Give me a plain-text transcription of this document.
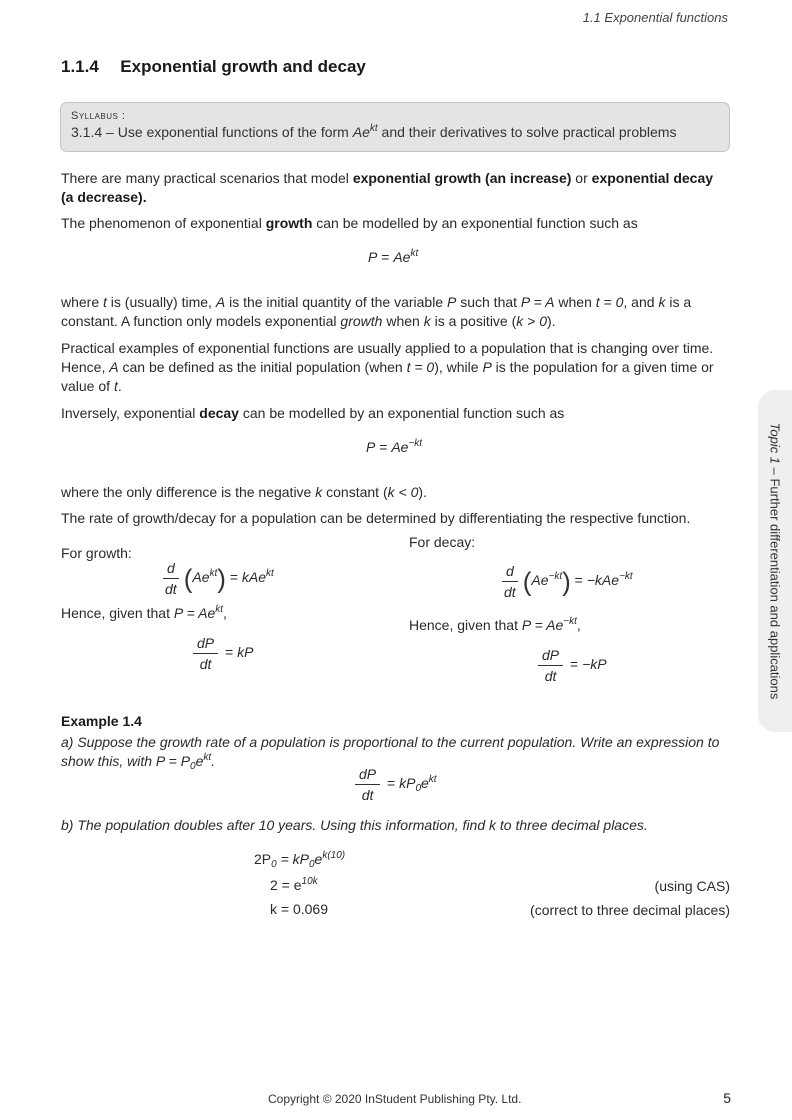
1.1 Exponential functions
1.1.4 Exponential growth and decay
Syllabus :
3.1.4 – Use exponential functions of the form $Ae^{kt}$ and their derivatives to solve practical problems
There are many practical scenarios that model exponential growth (an increase) or exponential decay
(a decrease).
The phenomenon of exponential growth can be modelled by an exponential function such as
$P = Ae^{kt}$
where t is (usually) time, A is the initial quantity of the variable P such that P = A when t = 0, and k is a
constant. A function only models exponential growth when k is a positive (k > 0).
Practical examples of exponential functions are usually applied to a population that is changing over time.
Hence, A can be defined as the initial population (when t = 0), while P is the population for a given time or
value of t.
Inversely, exponential decay can be modelled by an exponential function such as
$P = Ae^{-kt}$
where the only difference is the negative k constant (k < 0).
The rate of growth/decay for a population can be determined by differentiating the respective function.
For growth:
$\frac{d}{dt} (Ae^{kt}) = kAe^{kt}$
Hence, given that $P = Ae^{kt}$,
$\frac{dP}{dt}$ = kP
For decay:
$\frac{d}{dt} (Ae^{-kt}) = -kAe^{-kt}$
Hence, given that $P = Ae^{-kt}$,
$\frac{dP}{dt} = -kP$
Example 1.4
a) Suppose the growth rate of a population is proportional to the current population. Write an expression to
show this, with $P = P_0e^{kt}$.
$\frac{dP}{dt} = kP_0e^{kt}$
b) The population doubles after 10 years. Using this information, find k to three decimal places.
$2P_0 = kP_0e^{k(10)}$
$2 = e^{10k}$	(using CAS)
k = 0.069	(correct to three decimal places)
Topic 1 – Further differentiation and applications
Copyright © 2020 InStudent Publishing Pty. Ltd.	5
